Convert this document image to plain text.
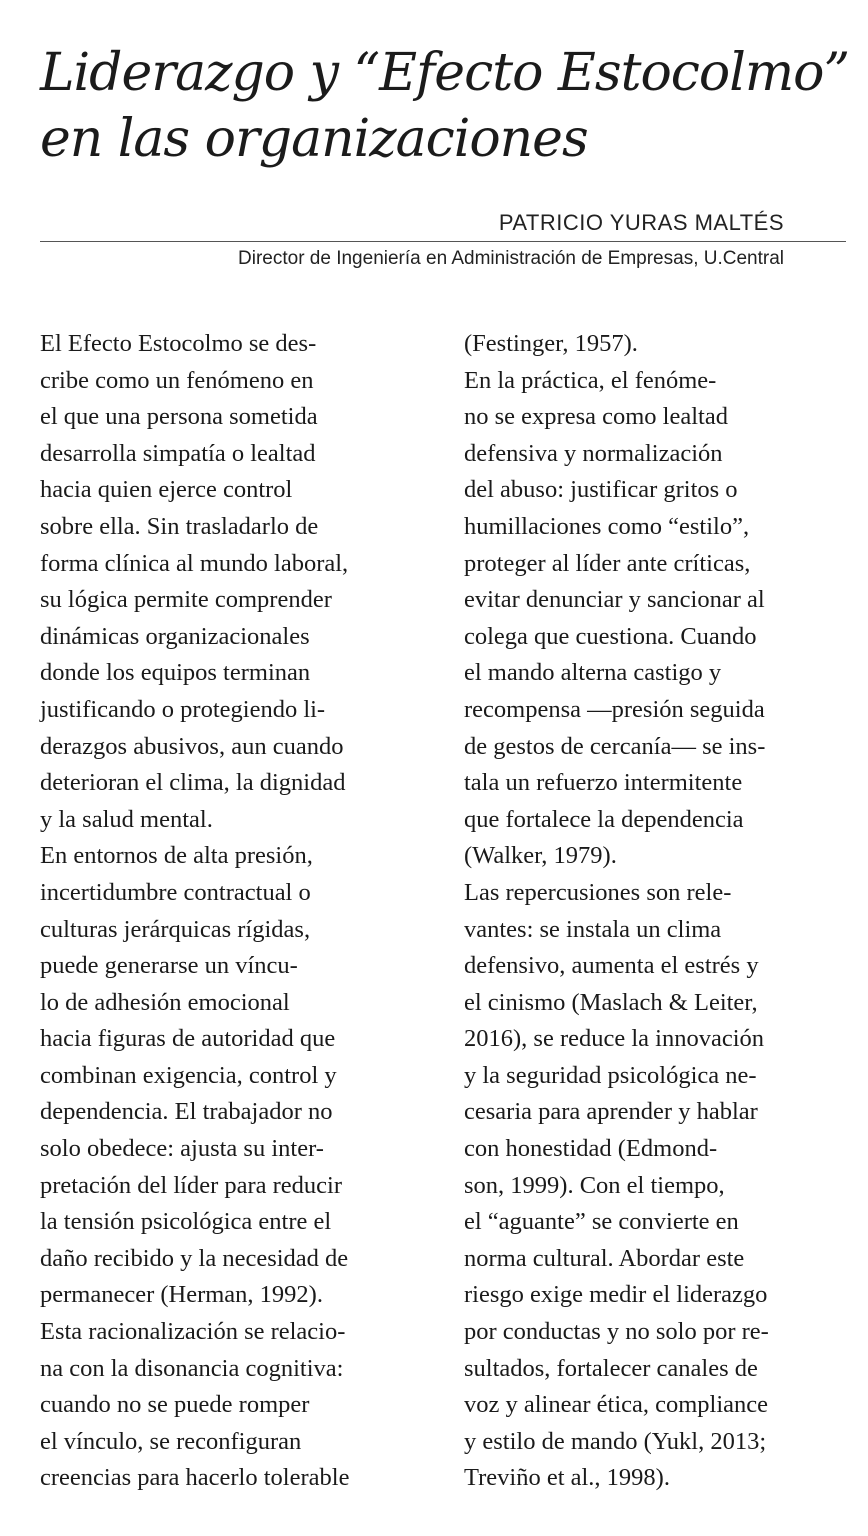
Liderazgo y “Efecto Estocolmo”
en las organizaciones
PATRICIO YURAS MALTÉS
Director de Ingeniería en Administración de Empresas, U.Central
El Efecto Estocolmo se des-
cribe como un fenómeno en
el que una persona sometida
desarrolla simpatía o lealtad
hacia quien ejerce control
sobre ella. Sin trasladarlo de
forma clínica al mundo laboral,
su lógica permite comprender
dinámicas organizacionales
donde los equipos terminan
justificando o protegiendo li-
derazgos abusivos, aun cuando
deterioran el clima, la dignidad
y la salud mental.
En entornos de alta presión,
incertidumbre contractual o
culturas jerárquicas rígidas,
puede generarse un víncu-
lo de adhesión emocional
hacia figuras de autoridad que
combinan exigencia, control y
dependencia. El trabajador no
solo obedece: ajusta su inter-
pretación del líder para reducir
la tensión psicológica entre el
daño recibido y la necesidad de
permanecer (Herman, 1992).
Esta racionalización se relacio-
na con la disonancia cognitiva:
cuando no se puede romper
el vínculo, se reconfiguran
creencias para hacerlo tolerable
(Festinger, 1957).
En la práctica, el fenóme-
no se expresa como lealtad
defensiva y normalización
del abuso: justificar gritos o
humillaciones como “estilo”,
proteger al líder ante críticas,
evitar denunciar y sancionar al
colega que cuestiona. Cuando
el mando alterna castigo y
recompensa —presión seguida
de gestos de cercanía— se ins-
tala un refuerzo intermitente
que fortalece la dependencia
(Walker, 1979).
Las repercusiones son rele-
vantes: se instala un clima
defensivo, aumenta el estrés y
el cinismo (Maslach & Leiter,
2016), se reduce la innovación
y la seguridad psicológica ne-
cesaria para aprender y hablar
con honestidad (Edmond-
son, 1999). Con el tiempo,
el “aguante” se convierte en
norma cultural. Abordar este
riesgo exige medir el liderazgo
por conductas y no solo por re-
sultados, fortalecer canales de
voz y alinear ética, compliance
y estilo de mando (Yukl, 2013;
Treviño et al., 1998).
